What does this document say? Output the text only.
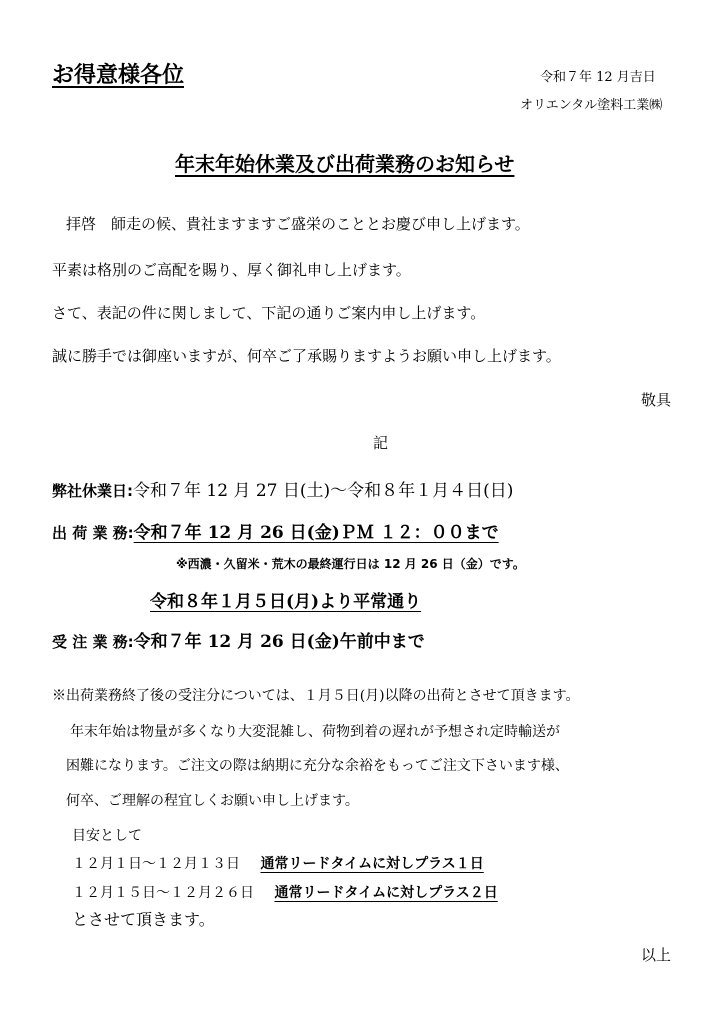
お得意様各位	令和７年 12 月吉日
オリエンタル塗料工業㈱
年末年始休業及び出荷業務のお知らせ
拝啓　師走の候、貴社ますますご盛栄のこととお慶び申し上げます。
平素は格別のご高配を賜り、厚く御礼申し上げます。
さて、表記の件に関しまして、下記の通りご案内申し上げます。
誠に勝手では御座いますが、何卒ご了承賜りますようお願い申し上げます。
敬具
記
弊社休業日:令和７年 12 月 27 日(土)～令和８年１月４日(日)
出 荷 業 務:令和７年 12 月 26 日(金)ＰＭ １２：００まで
※西濃・久留米・荒木の最終運行日は 12 月 26 日（金）です。
令和８年１月５日(月)より平常通り
受 注 業 務:令和７年 12 月 26 日(金)午前中まで
※出荷業務終了後の受注分については、１月５日(月)以降の出荷とさせて頂きます。
年末年始は物量が多くなり大変混雑し、荷物到着の遅れが予想され定時輸送が
困難になります。ご注文の際は納期に充分な余裕をもってご注文下さいます様、
何卒、ご理解の程宜しくお願い申し上げます。
目安として
１２月１日～１２月１３日 通常リードタイムに対しプラス１日
１２月１５日～１２月２６日 通常リードタイムに対しプラス２日
とさせて頂きます。
以上
